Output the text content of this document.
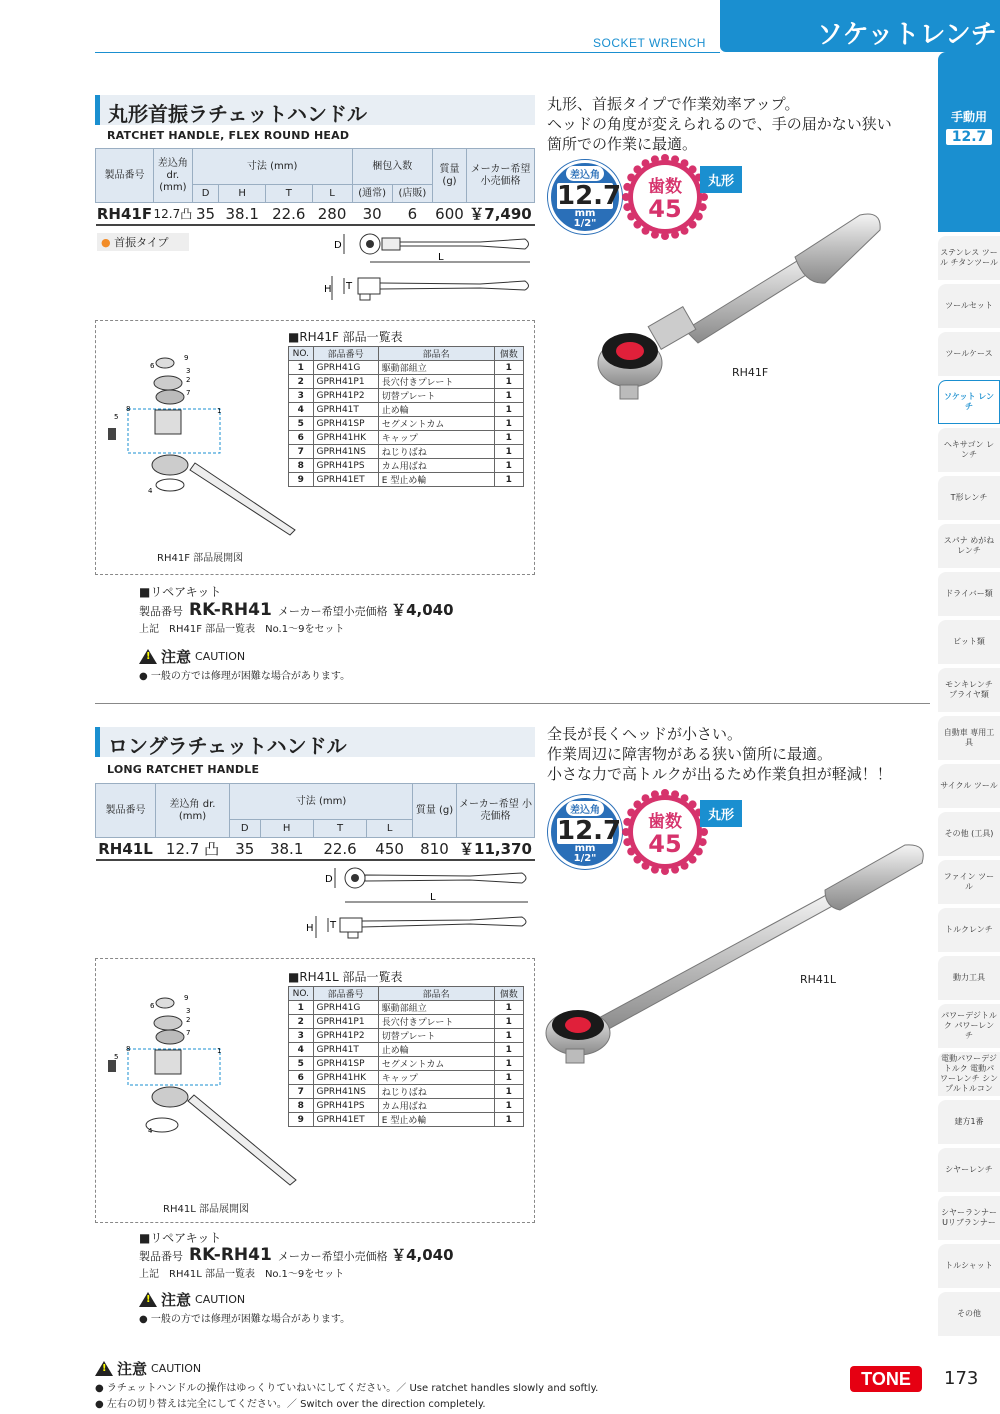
SOCKET WRENCH	ソケットレンチ
手動用
12.7
ステンレス ツール チタンツール
ツールセット
ツールケース
ソケット レンチ
ヘキサゴン レンチ
T形レンチ
スパナ めがねレンチ
ドライバー類
ビット類
モンキレンチ プライヤ類
自動車 専用工具
サイクル ツール
その他 (工具)
ファイン ツール
トルクレンチ
動力工具
パワーデジトルク パワーレンチ
電動パワーデジトルク 電動パワーレンチ シンプルトルコン
建方1番
シヤーレンチ
シヤーランナー Uリブランナー
トルシャット
その他
丸形首振ラチェットハンドル
RATCHET HANDLE, FLEX ROUND HEAD
製品番号	差込角 dr. (mm)	寸法 (mm)				梱包入数		質量 (g)	メーカー希望 小売価格
		D	H	T	L	(通常)	(店販)		
RH41F	12.7凸	35	38.1	22.6	280	30	6	600	￥7,490
● 首振タイプ	D
L
H T
9
6
3
2
7
1
5
8
4
■RH41F 部品一覧表
NO.	部品番号	部品名	個数
1	GPRH41G	駆動部組立	1
2	GPRH41P1	長穴付きプレート	1
3	GPRH41P2	切替プレート	1
4	GPRH41T	止め輪	1
5	GPRH41SP	セグメントカム	1
6	GPRH41HK	キャップ	1
7	GPRH41NS	ねじりばね	1
8	GPRH41PS	カム用ばね	1
9	GPRH41ET	E 型止め輪	1
RH41F 部品展開図
■リペアキット
製品番号 RK-RH41 メーカー希望小売価格 ￥4,040
上記　RH41F 部品一覧表　No.1〜9をセット
!
注意 CAUTION
● 一般の方では修理が困難な場合があります。
丸形、首振タイプで作業効率アップ。
ヘッドの角度が変えられるので、手の届かない狭い
箇所での作業に最適。
差込角
12.7
mm
1/2"
歯数
45
丸形
RH41F
ロングラチェットハンドル
LONG RATCHET HANDLE
製品番号	差込角 dr. (mm)	寸法 (mm)				質量 (g)	メーカー希望 小売価格
		D	H	T	L		
RH41L	12.7 凸	35	38.1	22.6	450	810	￥11,370
D
L
H T
9
6
3
2
7
1
5
8
4
■RH41L 部品一覧表
NO.	部品番号	部品名	個数
1	GPRH41G	駆動部組立	1
2	GPRH41P1	長穴付きプレート	1
3	GPRH41P2	切替プレート	1
4	GPRH41T	止め輪	1
5	GPRH41SP	セグメントカム	1
6	GPRH41HK	キャップ	1
7	GPRH41NS	ねじりばね	1
8	GPRH41PS	カム用ばね	1
9	GPRH41ET	E 型止め輪	1
RH41L 部品展開図
■リペアキット
製品番号 RK-RH41 メーカー希望小売価格 ￥4,040
上記　RH41L 部品一覧表　No.1〜9をセット
!
注意 CAUTION
● 一般の方では修理が困難な場合があります。
全長が長くヘッドが小さい。
作業周辺に障害物がある狭い箇所に最適。
小さな力で高トルクが出るため作業負担が軽減！！
差込角
12.7
mm
1/2"
歯数
45
丸形
RH41L
!
注意 CAUTION
● ラチェットハンドルの操作はゆっくりていねいにしてください。／ Use ratchet handles slowly and softly.
● 左右の切り替えは完全にしてください。／ Switch over the direction completely.
TONE	173
